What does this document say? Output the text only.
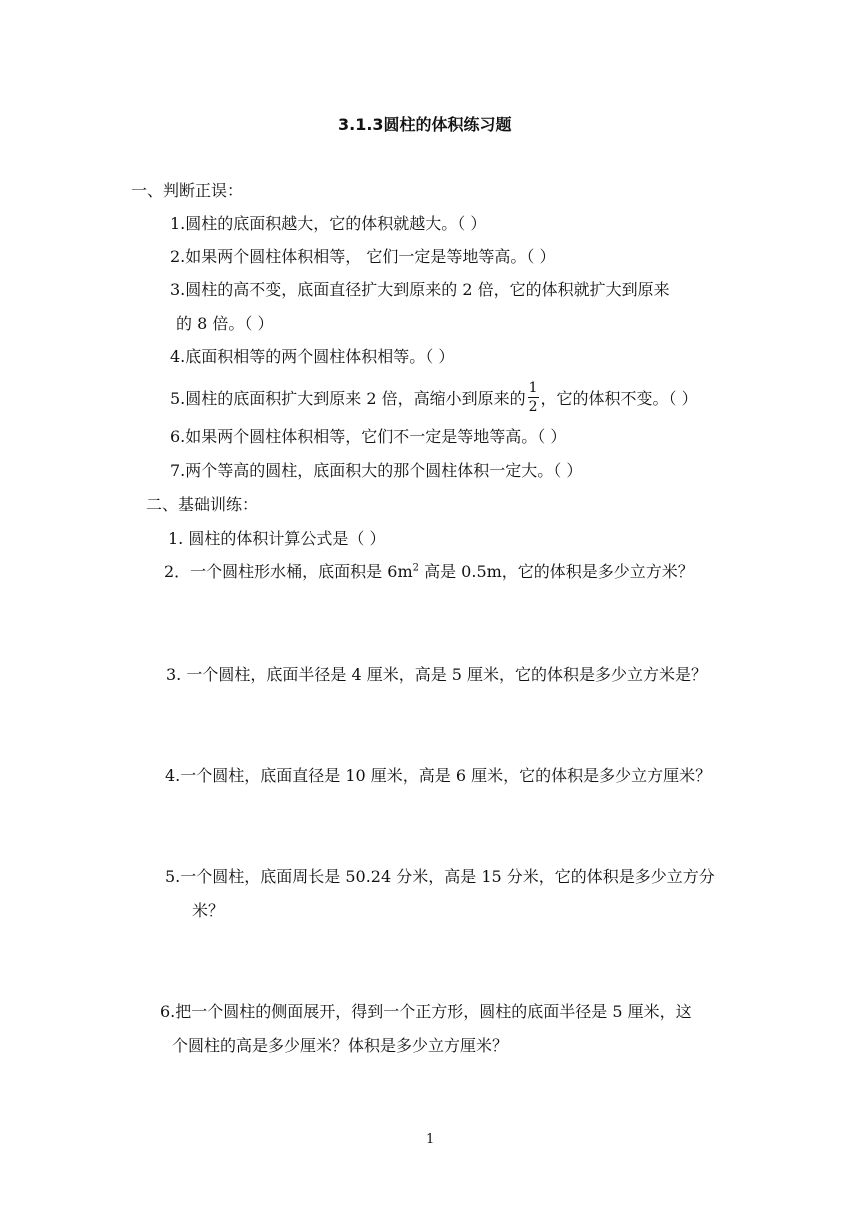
3.1.3圆柱的体积练习题
一、判断正误：
1.圆柱的底面积越大，它的体积就越大。（ ）
2.如果两个圆柱体积相等， 它们一定是等地等高。（ ）
3.圆柱的高不变，底面直径扩大到原来的 2 倍，它的体积就扩大到原来
的 8 倍。（ ）
4.底面积相等的两个圆柱体积相等。（ ）
5.圆柱的底面积扩大到原来 2 倍，高缩小到原来的 $\frac{1}{2}$ ，它的体积不变。（ ）
6.如果两个圆柱体积相等，它们不一定是等地等高。（ ）
7.两个等高的圆柱，底面积大的那个圆柱体积一定大。（ ）
二、基础训练：
1. 圆柱的体积计算公式是（ ）
2．一个圆柱形水桶，底面积是 $6m^2$ 高是 0.5m，它的体积是多少立方米？
3. 一个圆柱，底面半径是 4 厘米，高是 5 厘米，它的体积是多少立方米是？
4.一个圆柱，底面直径是 10 厘米，高是 6 厘米，它的体积是多少立方厘米？
5.一个圆柱，底面周长是 50.24 分米，高是 15 分米，它的体积是多少立方分
米？
6.把一个圆柱的侧面展开，得到一个正方形，圆柱的底面半径是 5 厘米，这
个圆柱的高是多少厘米？体积是多少立方厘米？
1
